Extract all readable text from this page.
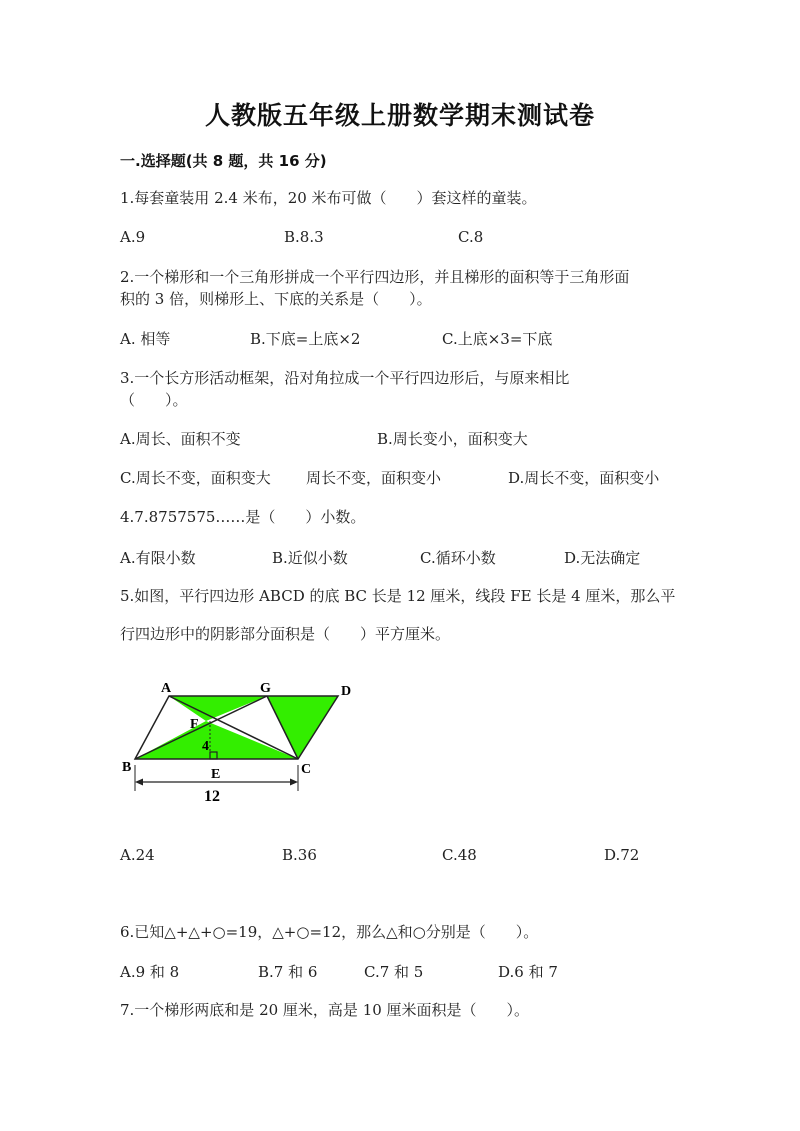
人教版五年级上册数学期末测试卷
一.选择题(共 8 题，共 16 分)
1.每套童装用 2.4 米布，20 米布可做（　　）套这样的童装。
A.9	B.8.3	C.8
2.一个梯形和一个三角形拼成一个平行四边形，并且梯形的面积等于三角形面
积的 3 倍，则梯形上、下底的关系是（　　）。
A. 相等	B.下底=上底×2	C.上底×3=下底
3.一个长方形活动框架，沿对角拉成一个平行四边形后，与原来相比
（　　）。
A.周长、面积不变	B.周长变小，面积变大
C.周长不变，面积变大 周长不变，面积变小	D.周长不变，面积变小
4.7.8757575……是（　　）小数。
A.有限小数	B.近似小数	C.循环小数	D.无法确定
5.如图，平行四边形 ABCD 的底 BC 长是 12 厘米，线段 FE 长是 4 厘米，那么平
行四边形中的阴影部分面积是（　　）平方厘米。
A	G	D
F
4
B	E	C
12
A.24	B.36	C.48	D.72
6.已知△+△+○=19，△+○=12，那么△和○分别是（　　）。
A.9 和 8	B.7 和 6	C.7 和 5	D.6 和 7
7.一个梯形两底和是 20 厘米，高是 10 厘米面积是（　　）。
